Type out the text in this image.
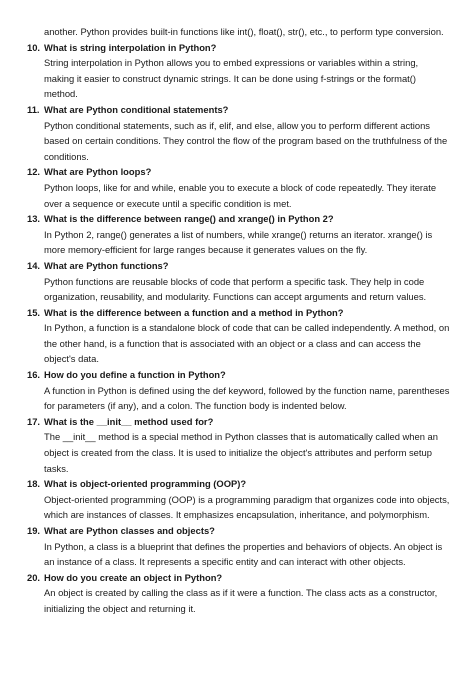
another. Python provides built-in functions like int(), float(), str(), etc., to perform type conversion.

10. What is string interpolation in Python?
String interpolation in Python allows you to embed expressions or variables within a string, making it easier to construct dynamic strings. It can be done using f-strings or the format() method.
11. What are Python conditional statements?
Python conditional statements, such as if, elif, and else, allow you to perform different actions based on certain conditions. They control the flow of the program based on the truthfulness of the conditions.
12. What are Python loops?
Python loops, like for and while, enable you to execute a block of code repeatedly. They iterate over a sequence or execute until a specific condition is met.
13. What is the difference between range() and xrange() in Python 2?
In Python 2, range() generates a list of numbers, while xrange() returns an iterator. xrange() is more memory-efficient for large ranges because it generates values on the fly.
14. What are Python functions?
Python functions are reusable blocks of code that perform a specific task. They help in code organization, reusability, and modularity. Functions can accept arguments and return values.
15. What is the difference between a function and a method in Python?
In Python, a function is a standalone block of code that can be called independently. A method, on the other hand, is a function that is associated with an object or a class and can access the object's data.
16. How do you define a function in Python?
A function in Python is defined using the def keyword, followed by the function name, parentheses for parameters (if any), and a colon. The function body is indented below.
17. What is the __init__ method used for?
The __init__ method is a special method in Python classes that is automatically called when an object is created from the class. It is used to initialize the object's attributes and perform setup tasks.
18. What is object-oriented programming (OOP)?
Object-oriented programming (OOP) is a programming paradigm that organizes code into objects, which are instances of classes. It emphasizes encapsulation, inheritance, and polymorphism.
19. What are Python classes and objects?
In Python, a class is a blueprint that defines the properties and behaviors of objects. An object is an instance of a class. It represents a specific entity and can interact with other objects.
20. How do you create an object in Python?
An object is created by calling the class as if it were a function. The class acts as a constructor, initializing the object and returning it.
